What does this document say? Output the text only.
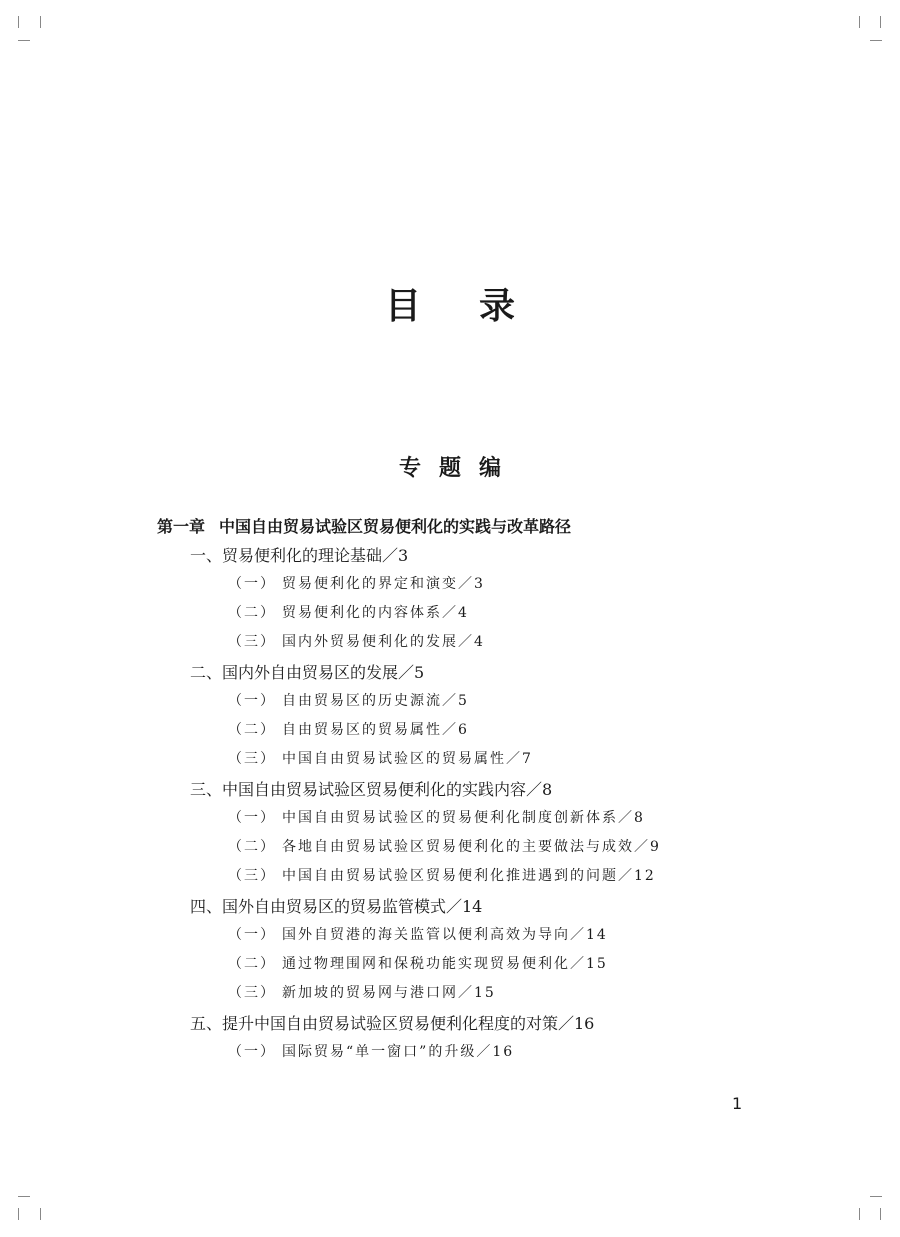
目录
专题编
第一章 中国自由贸易试验区贸易便利化的实践与改革路径
一、贸易便利化的理论基础／3
（一） 贸易便利化的界定和演变／3
（二） 贸易便利化的内容体系／4
（三） 国内外贸易便利化的发展／4
二、国内外自由贸易区的发展／5
（一） 自由贸易区的历史源流／5
（二） 自由贸易区的贸易属性／6
（三） 中国自由贸易试验区的贸易属性／7
三、中国自由贸易试验区贸易便利化的实践内容／8
（一） 中国自由贸易试验区的贸易便利化制度创新体系／8
（二） 各地自由贸易试验区贸易便利化的主要做法与成效／9
（三） 中国自由贸易试验区贸易便利化推进遇到的问题／12
四、国外自由贸易区的贸易监管模式／14
（一） 国外自贸港的海关监管以便利高效为导向／14
（二） 通过物理围网和保税功能实现贸易便利化／15
（三） 新加坡的贸易网与港口网／15
五、提升中国自由贸易试验区贸易便利化程度的对策／16
（一） 国际贸易“单一窗口”的升级／16
1
